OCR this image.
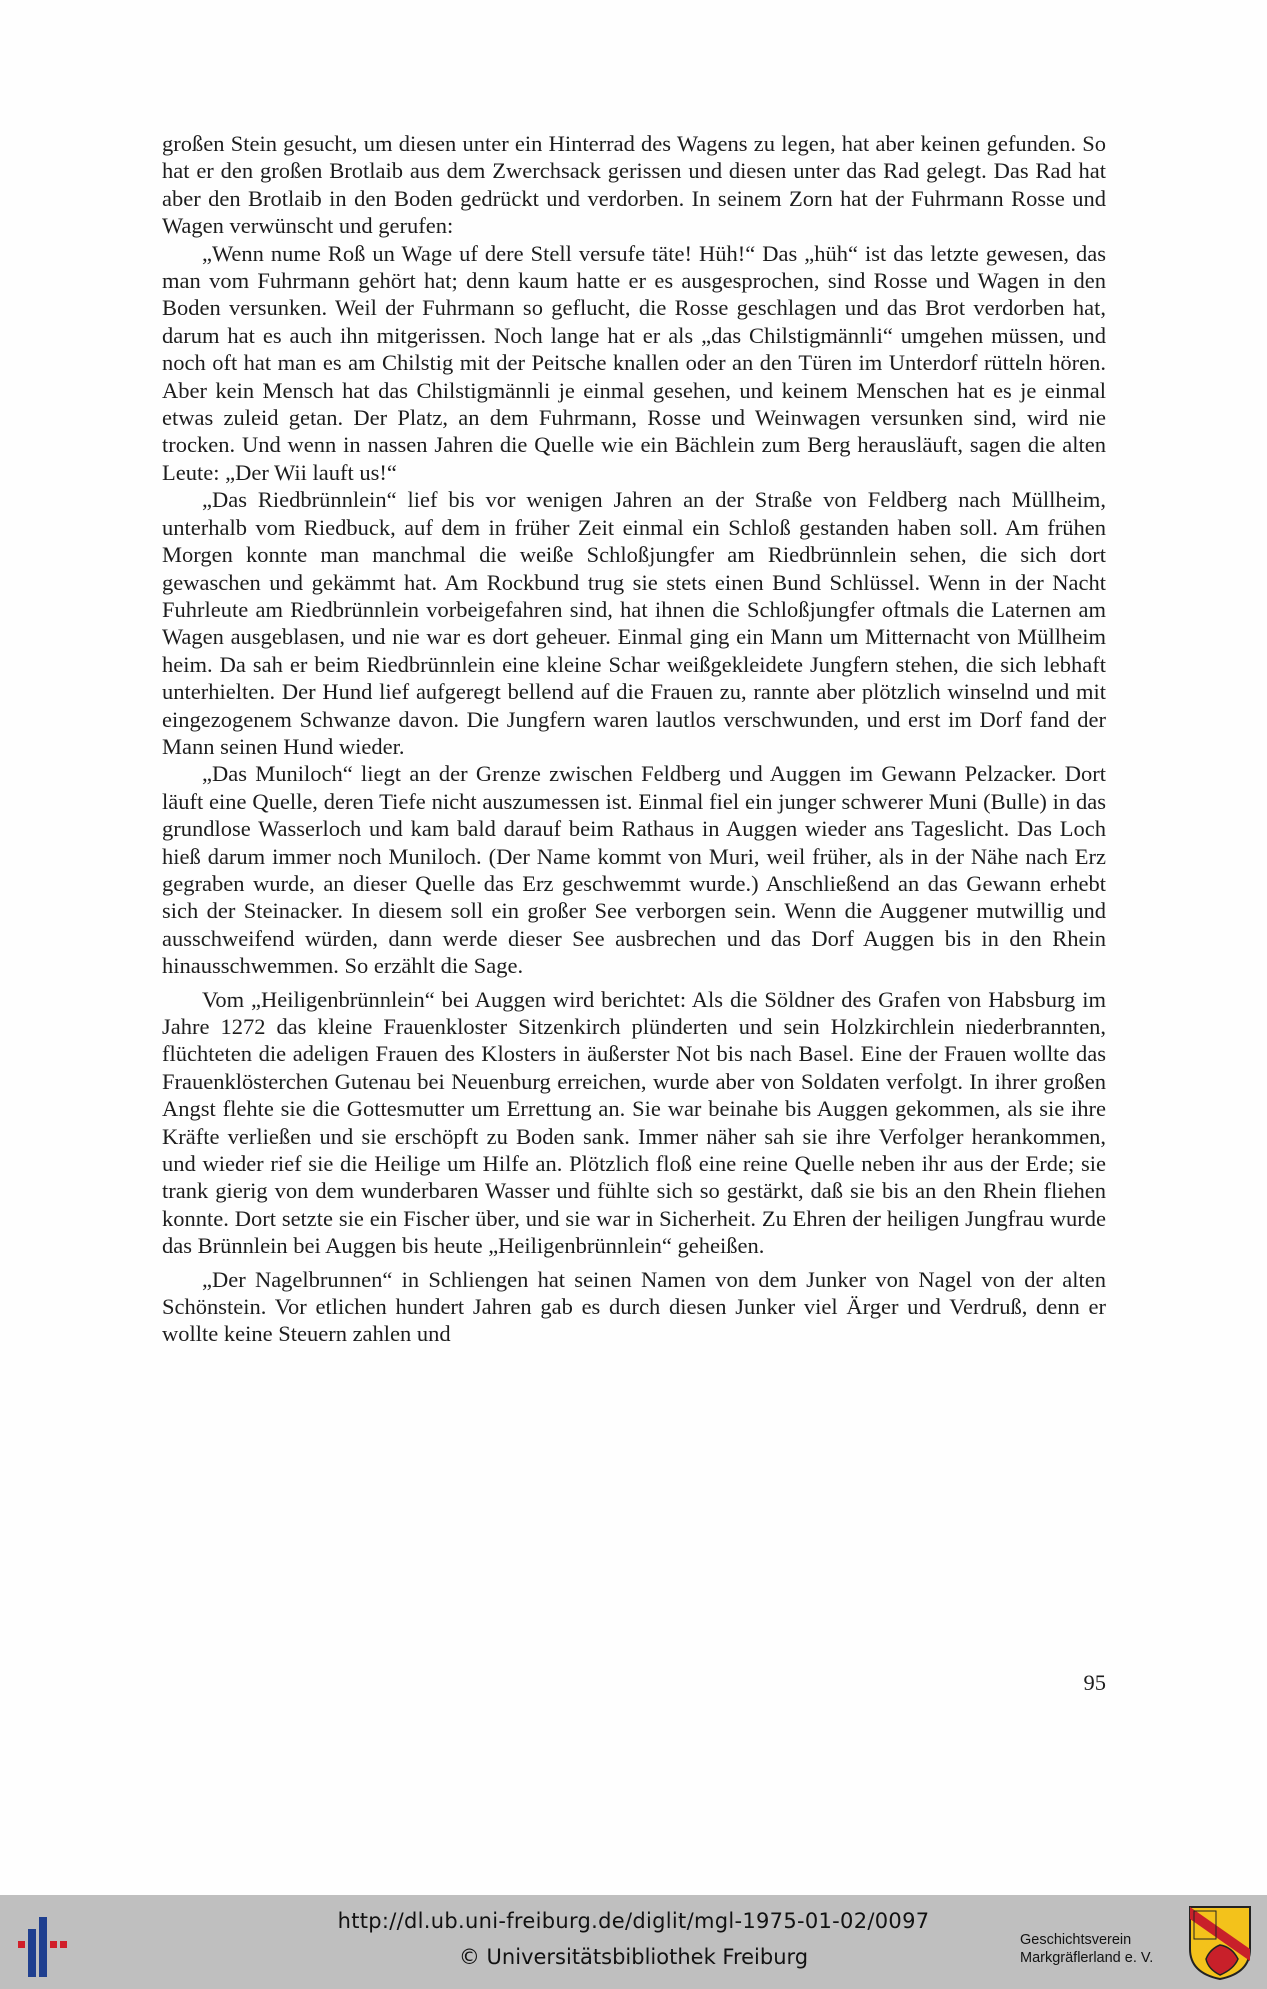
großen Stein gesucht, um diesen unter ein Hinterrad des Wagens zu legen, hat aber keinen gefunden. So hat er den großen Brotlaib aus dem Zwerchsack gerissen und diesen unter das Rad gelegt. Das Rad hat aber den Brotlaib in den Boden gedrückt und verdorben. In seinem Zorn hat der Fuhrmann Rosse und Wagen verwünscht und gerufen:

„Wenn nume Roß un Wage uf dere Stell versufe täte! Hüh!“ Das „hüh“ ist das letzte gewesen, das man vom Fuhrmann gehört hat; denn kaum hatte er es ausgesprochen, sind Rosse und Wagen in den Boden versunken. Weil der Fuhrmann so geflucht, die Rosse geschlagen und das Brot verdorben hat, darum hat es auch ihn mitgerissen. Noch lange hat er als „das Chilstigmännli“ umgehen müssen, und noch oft hat man es am Chilstig mit der Peitsche knallen oder an den Türen im Unterdorf rütteln hören. Aber kein Mensch hat das Chilstigmännli je einmal gesehen, und keinem Menschen hat es je einmal etwas zuleid getan. Der Platz, an dem Fuhrmann, Rosse und Weinwagen versunken sind, wird nie trocken. Und wenn in nassen Jahren die Quelle wie ein Bächlein zum Berg herausläuft, sagen die alten Leute: „Der Wii lauft us!“

„Das Riedbrünnlein“ lief bis vor wenigen Jahren an der Straße von Feldberg nach Müllheim, unterhalb vom Riedbuck, auf dem in früher Zeit einmal ein Schloß gestanden haben soll. Am frühen Morgen konnte man manchmal die weiße Schloßjungfer am Riedbrünnlein sehen, die sich dort gewaschen und gekämmt hat. Am Rockbund trug sie stets einen Bund Schlüssel. Wenn in der Nacht Fuhrleute am Riedbrünnlein vorbeigefahren sind, hat ihnen die Schloßjungfer oftmals die Laternen am Wagen ausgeblasen, und nie war es dort geheuer. Einmal ging ein Mann um Mitternacht von Müllheim heim. Da sah er beim Riedbrünnlein eine kleine Schar weißgekleidete Jungfern stehen, die sich lebhaft unterhielten. Der Hund lief aufgeregt bellend auf die Frauen zu, rannte aber plötzlich winselnd und mit eingezogenem Schwanze davon. Die Jungfern waren lautlos verschwunden, und erst im Dorf fand der Mann seinen Hund wieder.

„Das Muniloch“ liegt an der Grenze zwischen Feldberg und Auggen im Gewann Pelzacker. Dort läuft eine Quelle, deren Tiefe nicht auszumessen ist. Einmal fiel ein junger schwerer Muni (Bulle) in das grundlose Wasserloch und kam bald darauf beim Rathaus in Auggen wieder ans Tageslicht. Das Loch hieß darum immer noch Muniloch. (Der Name kommt von Muri, weil früher, als in der Nähe nach Erz gegraben wurde, an dieser Quelle das Erz geschwemmt wurde.) Anschließend an das Gewann erhebt sich der Steinacker. In diesem soll ein großer See verborgen sein. Wenn die Auggener mutwillig und ausschweifend würden, dann werde dieser See ausbrechen und das Dorf Auggen bis in den Rhein hinausschwemmen. So erzählt die Sage.

Vom „Heiligenbrünnlein“ bei Auggen wird berichtet: Als die Söldner des Grafen von Habsburg im Jahre 1272 das kleine Frauenkloster Sitzenkirch plünderten und sein Holzkirchlein niederbrannten, flüchteten die adeligen Frauen des Klosters in äußerster Not bis nach Basel. Eine der Frauen wollte das Frauenklösterchen Gutenau bei Neuenburg erreichen, wurde aber von Soldaten verfolgt. In ihrer großen Angst flehte sie die Gottesmutter um Errettung an. Sie war beinahe bis Auggen gekommen, als sie ihre Kräfte verließen und sie erschöpft zu Boden sank. Immer näher sah sie ihre Verfolger herankommen, und wieder rief sie die Heilige um Hilfe an. Plötzlich floß eine reine Quelle neben ihr aus der Erde; sie trank gierig von dem wunderbaren Wasser und fühlte sich so gestärkt, daß sie bis an den Rhein fliehen konnte. Dort setzte sie ein Fischer über, und sie war in Sicherheit. Zu Ehren der heiligen Jungfrau wurde das Brünnlein bei Auggen bis heute „Heiligenbrünnlein“ geheißen.

„Der Nagelbrunnen“ in Schliengen hat seinen Namen von dem Junker von Nagel von der alten Schönstein. Vor etlichen hundert Jahren gab es durch diesen Junker viel Ärger und Verdruß, denn er wollte keine Steuern zahlen und

95
http://dl.ub.uni-freiburg.de/diglit/mgl-1975-01-02/0097
© Universitätsbibliothek Freiburg
Geschichtsverein
Markgräflerland e. V.
